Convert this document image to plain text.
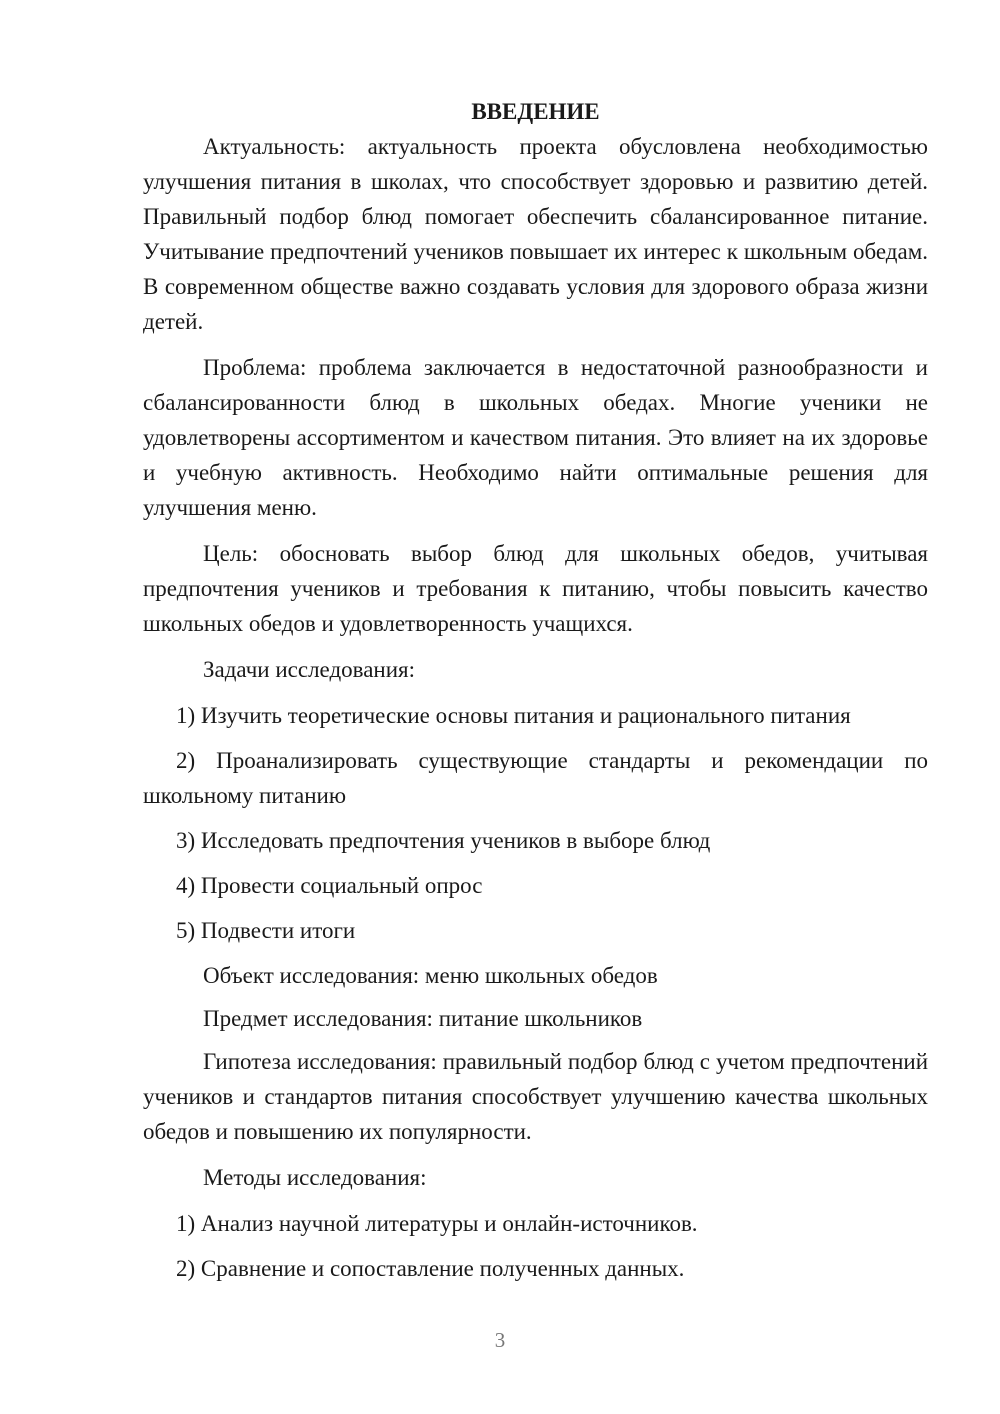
ВВЕДЕНИЕ

Актуальность: актуальность проекта обусловлена необходимостью улучшения питания в школах, что способствует здоровью и развитию детей. Правильный подбор блюд помогает обеспечить сбалансированное питание. Учитывание предпочтений учеников повышает их интерес к школьным обедам. В современном обществе важно создавать условия для здорового образа жизни детей.

Проблема: проблема заключается в недостаточной разнообразности и сбалансированности блюд в школьных обедах. Многие ученики не удовлетворены ассортиментом и качеством питания. Это влияет на их здоровье и учебную активность. Необходимо найти оптимальные решения для улучшения меню.

Цель: обосновать выбор блюд для школьных обедов, учитывая предпочтения учеников и требования к питанию, чтобы повысить качество школьных обедов и удовлетворенность учащихся.

Задачи исследования:

1) Изучить теоретические основы питания и рационального питания

2) Проанализировать существующие стандарты и рекомендации по школьному питанию

3) Исследовать предпочтения учеников в выборе блюд

4) Провести социальный опрос

5) Подвести итоги

Объект исследования: меню школьных обедов

Предмет исследования: питание школьников

Гипотеза исследования: правильный подбор блюд с учетом предпочтений учеников и стандартов питания способствует улучшению качества школьных обедов и повышению их популярности.

Методы исследования:

1) Анализ научной литературы и онлайн-источников.

2) Сравнение и сопоставление полученных данных.

3
